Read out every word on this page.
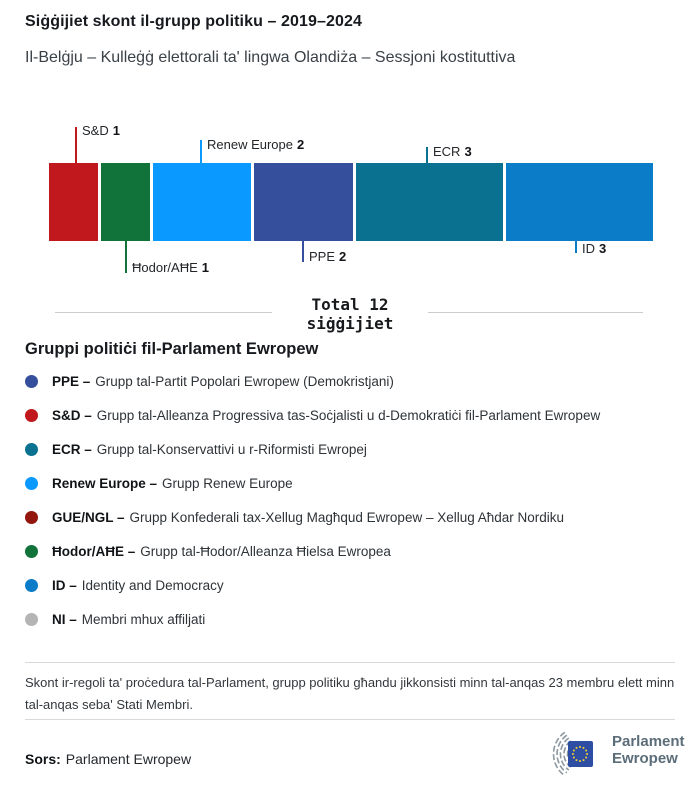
Siġġijiet skont il-grupp politiku – 2019–2024
Il-Belġju – Kulleġġ elettorali ta' lingwa Olandiża – Sessjoni kostituttiva
S&D 1
Renew Europe 2	ECR 3
Ħodor/AĦE 1
PPE 2
ID 3
Total 12
siġġijiet
Gruppi politiċi fil-Parlament Ewropew
PPE – Grupp tal-Partit Popolari Ewropew (Demokristjani)
S&D – Grupp tal-Alleanza Progressiva tas-Soċjalisti u d-Demokratiċi fil-Parlament Ewropew
ECR – Grupp tal-Konservattivi u r-Riformisti Ewropej
Renew Europe – Grupp Renew Europe
GUE/NGL – Grupp Konfederali tax-Xellug Magħqud Ewropew – Xellug Aħdar Nordiku
Ħodor/AĦE – Grupp tal-Ħodor/Alleanza Ħielsa Ewropea
ID – Identity and Democracy
NI – Membri mhux affiljati
Skont ir-regoli ta' proċedura tal-Parlament, grupp politiku għandu jikkonsisti minn tal-anqas 23 membru elett minn tal-anqas seba' Stati Membri.
Sors: Parlament Ewropew
Parlament
Ewropew
